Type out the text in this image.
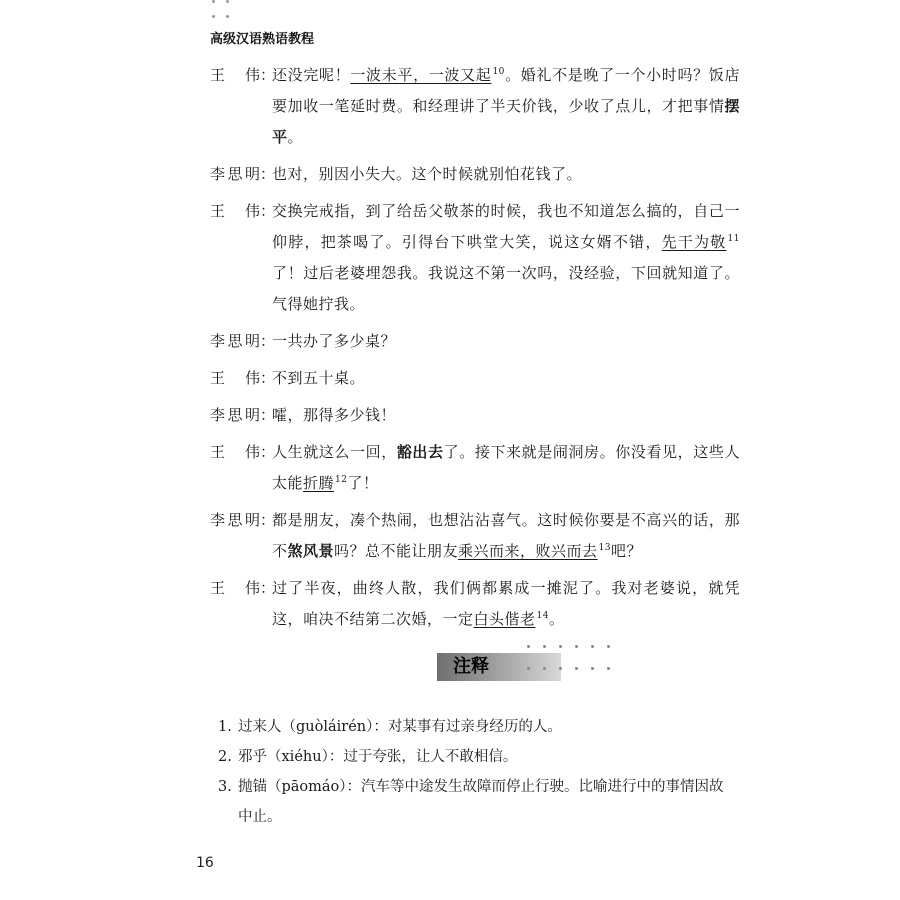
高级汉语熟语教程
王伟：
还没完呢！一波未平，一波又起$^{10}$。婚礼不是晚了一个小时吗？饭店要加收一笔延时费。和经理讲了半天价钱，少收了点儿，才把事情摆平。
李思明：
也对，别因小失大。这个时候就别怕花钱了。
王伟：
交换完戒指，到了给岳父敬茶的时候，我也不知道怎么搞的，自己一仰脖，把茶喝了。引得台下哄堂大笑，说这女婿不错，先干为敬$^{11}$了！过后老婆埋怨我。我说这不第一次吗，没经验，下回就知道了。气得她拧我。
李思明：
一共办了多少桌？
王伟：
不到五十桌。
李思明：
嚯，那得多少钱！
王伟：
人生就这么一回，豁出去了。接下来就是闹洞房。你没看见，这些人太能折腾$^{12}$了！
李思明：
都是朋友，凑个热闹，也想沾沾喜气。这时候你要是不高兴的话，那不煞风景吗？总不能让朋友乘兴而来，败兴而去$^{13}$吧？
王伟：
过了半夜，曲终人散，我们俩都累成一摊泥了。我对老婆说，就凭这，咱决不结第二次婚，一定白头偕老$^{14}$。
注释
1. 过来人（guòláirén）：对某事有过亲身经历的人。
2. 邪乎（xiéhu）：过于夸张，让人不敢相信。
3. 抛锚（pāomáo）：汽车等中途发生故障而停止行驶。比喻进行中的事情因故中止。
16
